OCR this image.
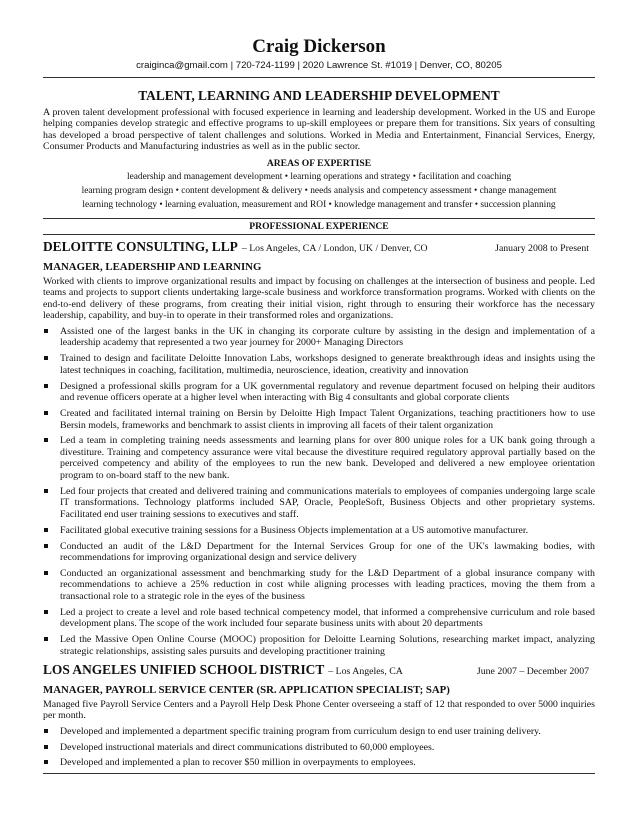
Craig Dickerson
craiginca@gmail.com | 720-724-1199 | 2020 Lawrence St. #1019 | Denver, CO, 80205
TALENT, LEARNING AND LEADERSHIP DEVELOPMENT
A proven talent development professional with focused experience in learning and leadership development. Worked in the US and Europe helping companies develop strategic and effective programs to up-skill employees or prepare them for transitions. Six years of consulting has developed a broad perspective of talent challenges and solutions. Worked in Media and Entertainment, Financial Services, Energy, Consumer Products and Manufacturing industries as well as in the public sector.
AREAS OF EXPERTISE
leadership and management development • learning operations and strategy • facilitation and coaching
learning program design • content development & delivery • needs analysis and competency assessment • change management
learning technology • learning evaluation, measurement and ROI • knowledge management and transfer • succession planning
PROFESSIONAL EXPERIENCE
DELOITTE CONSULTING, LLP – Los Angeles, CA / London, UK / Denver, CO	January 2008 to Present
MANAGER, LEADERSHIP AND LEARNING
Worked with clients to improve organizational results and impact by focusing on challenges at the intersection of business and people. Led teams and projects to support clients undertaking large-scale business and workforce transformation programs. Worked with clients on the end-to-end delivery of these programs, from creating their initial vision, right through to ensuring their workforce has the necessary leadership, capability, and buy-in to operate in their transformed roles and organizations.
Assisted one of the largest banks in the UK in changing its corporate culture by assisting in the design and implementation of a leadership academy that represented a two year journey for 2000+ Managing Directors
Trained to design and facilitate Deloitte Innovation Labs, workshops designed to generate breakthrough ideas and insights using the latest techniques in coaching, facilitation, multimedia, neuroscience, ideation, creativity and innovation
Designed a professional skills program for a UK governmental regulatory and revenue department focused on helping their auditors and revenue officers operate at a higher level when interacting with Big 4 consultants and global corporate clients
Created and facilitated internal training on Bersin by Deloitte High Impact Talent Organizations, teaching practitioners how to use Bersin models, frameworks and benchmark to assist clients in improving all facets of their talent organization
Led a team in completing training needs assessments and learning plans for over 800 unique roles for a UK bank going through a divestiture. Training and competency assurance were vital because the divestiture required regulatory approval partially based on the perceived competency and ability of the employees to run the new bank. Developed and delivered a new employee orientation program to on-board staff to the new bank.
Led four projects that created and delivered training and communications materials to employees of companies undergoing large scale IT transformations. Technology platforms included SAP, Oracle, PeopleSoft, Business Objects and other proprietary systems. Facilitated end user training sessions to executives and staff.
Facilitated global executive training sessions for a Business Objects implementation at a US automotive manufacturer.
Conducted an audit of the L&D Department for the Internal Services Group for one of the UK's lawmaking bodies, with recommendations for improving organizational design and service delivery
Conducted an organizational assessment and benchmarking study for the L&D Department of a global insurance company with recommendations to achieve a 25% reduction in cost while aligning processes with leading practices, moving the them from a transactional role to a strategic role in the eyes of the business
Led a project to create a level and role based technical competency model, that informed a comprehensive curriculum and role based development plans. The scope of the work included four separate business units with about 20 departments
Led the Massive Open Online Course (MOOC) proposition for Deloitte Learning Solutions, researching market impact, analyzing strategic relationships, assisting sales pursuits and developing practitioner training
LOS ANGELES UNIFIED SCHOOL DISTRICT – Los Angeles, CA	June 2007 – December 2007
MANAGER, PAYROLL SERVICE CENTER (SR. APPLICATION SPECIALIST; SAP)
Managed five Payroll Service Centers and a Payroll Help Desk Phone Center overseeing a staff of 12 that responded to over 5000 inquiries per month.
Developed and implemented a department specific training program from curriculum design to end user training delivery.
Developed instructional materials and direct communications distributed to 60,000 employees.
Developed and implemented a plan to recover $50 million in overpayments to employees.
